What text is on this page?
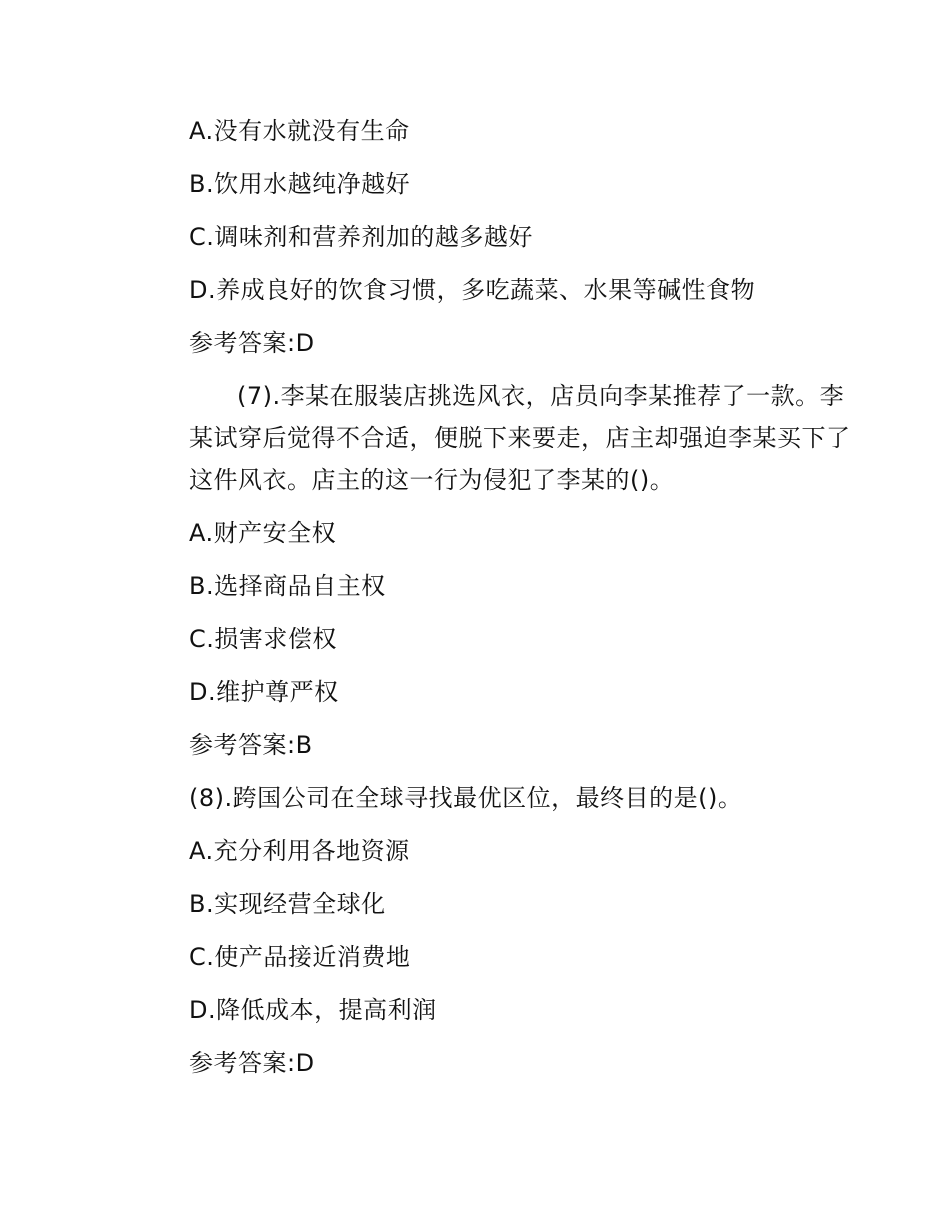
A.没有水就没有生命

B.饮用水越纯净越好

C.调味剂和营养剂加的越多越好

D.养成良好的饮食习惯，多吃蔬菜、水果等碱性食物

参考答案:D

(7).李某在服装店挑选风衣，店员向李某推荐了一款。李
某试穿后觉得不合适，便脱下来要走，店主却强迫李某买下了
这件风衣。店主的这一行为侵犯了李某的()。

A.财产安全权

B.选择商品自主权

C.损害求偿权

D.维护尊严权

参考答案:B

(8).跨国公司在全球寻找最优区位，最终目的是()。

A.充分利用各地资源

B.实现经营全球化

C.使产品接近消费地

D.降低成本，提高利润

参考答案:D
